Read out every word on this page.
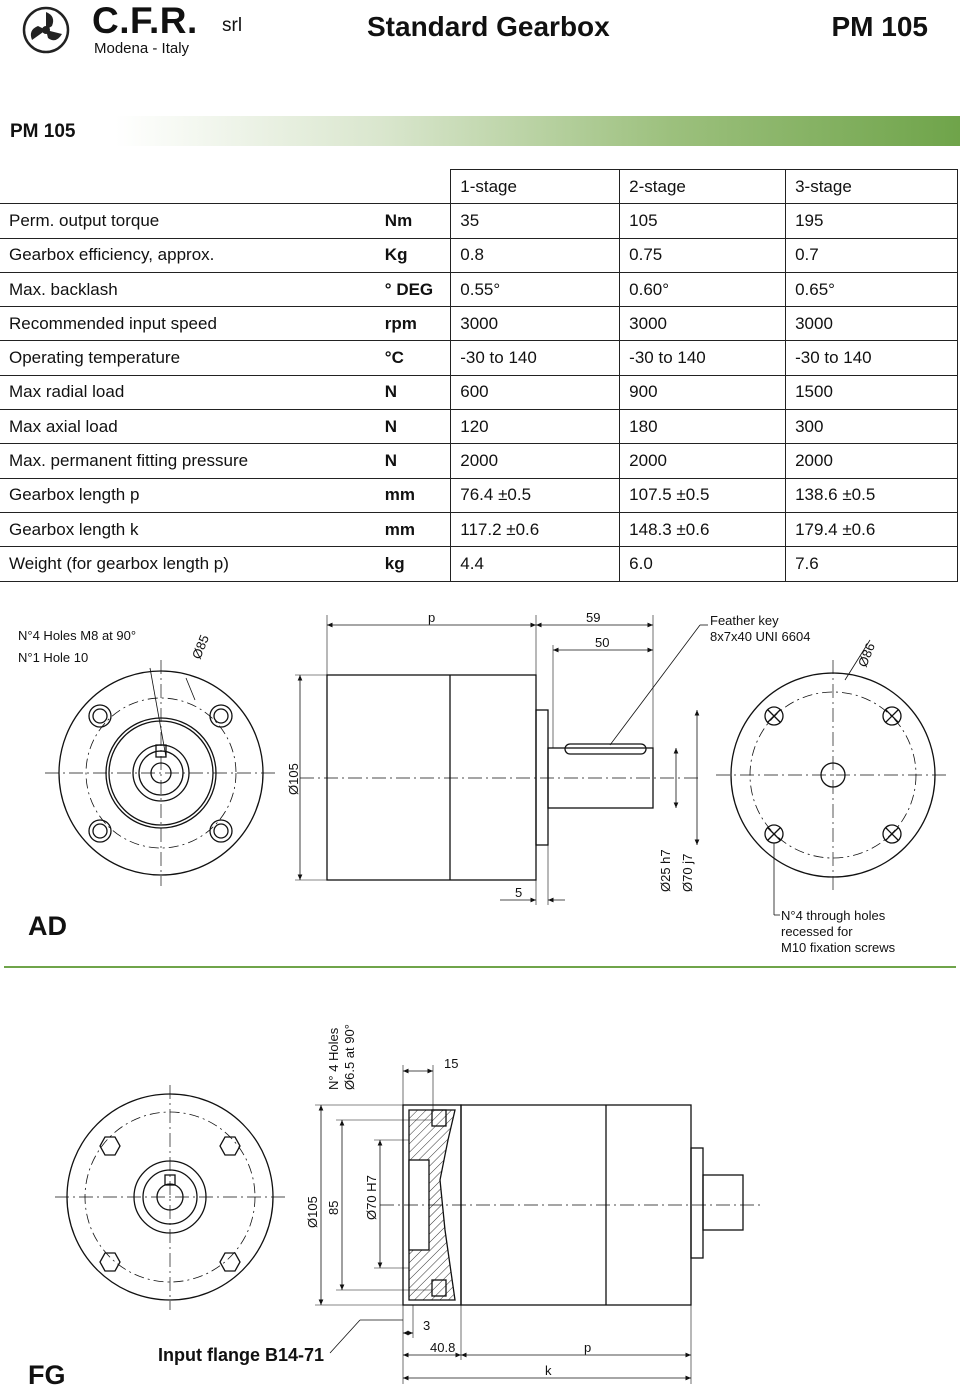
C.F.R. srl
Modena - Italy
Standard Gearbox	PM 105
PM 105
		1-stage	2-stage	3-stage
Perm. output torque	Nm	35	105	195
Gearbox efficiency, approx.	Kg	0.8	0.75	0.7
Max. backlash	° DEG	0.55°	0.60°	0.65°
Recommended input speed	rpm	3000	3000	3000
Operating temperature	°C	-30 to 140	-30 to 140	-30 to 140
Max radial load	N	600	900	1500
Max axial load	N	120	180	300
Max. permanent fitting pressure	N	2000	2000	2000
Gearbox length p	mm	76.4 ±0.5	107.5 ±0.5	138.6 ±0.5
Gearbox length k	mm	117.2 ±0.6	148.3 ±0.6	179.4 ±0.6
Weight (for gearbox length p)	kg	4.4	6.0	7.6
N°4 Holes M8 at 90°
N°1 Hole 10	Ø85
p	59
50
Feather key
8x7x40 UNI 6604
Ø86
Ø105
5
Ø25 h7 Ø70 j7
N°4 through holes
recessed for
M10 fixation screws
N° 4 Holes Ø6.5 at 90°	15
Ø105 85 Ø70 H7
3
40.8	p
k
AD
Input flange B14-71
FG
